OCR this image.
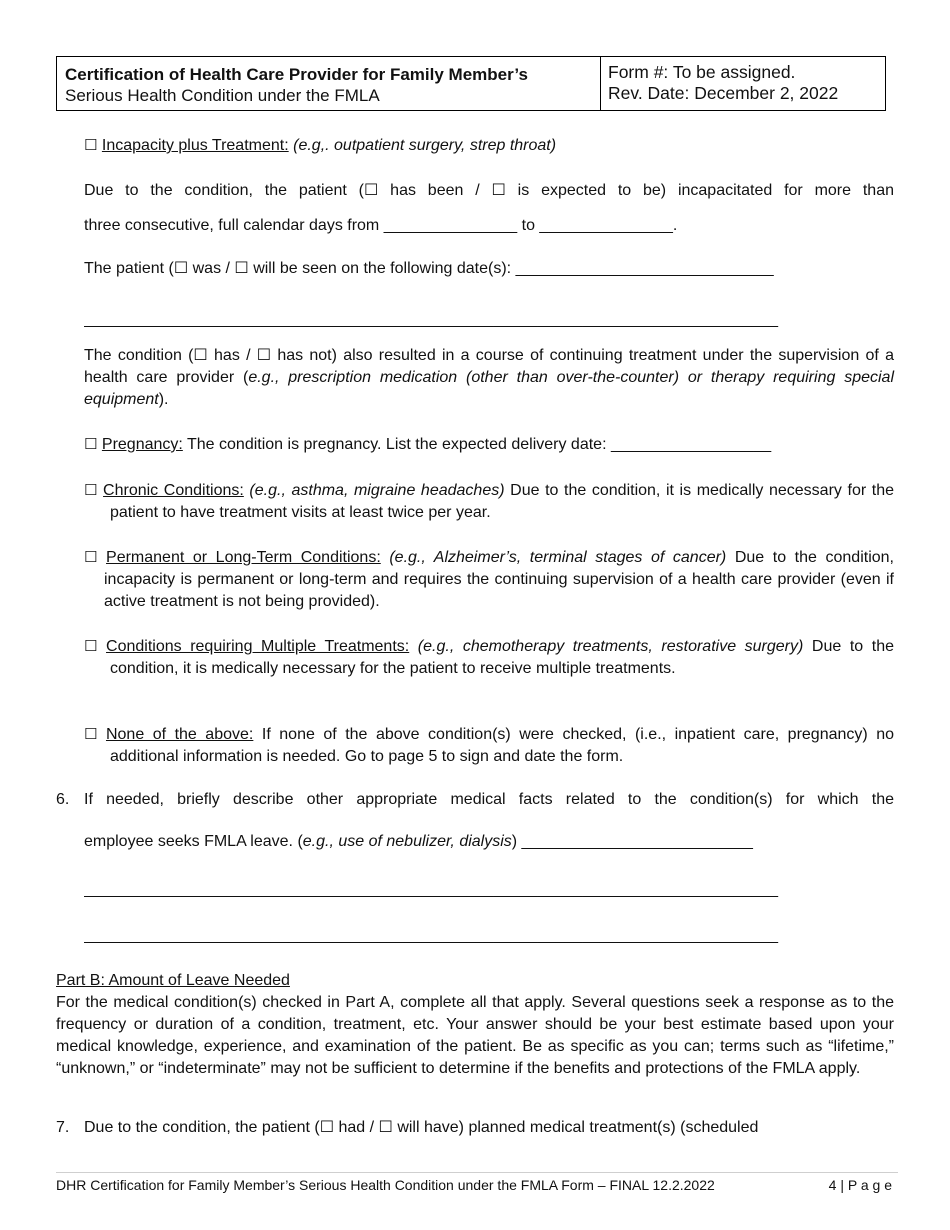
Certification of Health Care Provider for Family Member’s
Serious Health Condition under the FMLA
Form #: To be assigned.
Rev. Date: December 2, 2022
☐ Incapacity plus Treatment: (e.g,. outpatient surgery, strep throat)
Due to the condition, the patient (☐ has been / ☐ is expected to be) incapacitated for more than
three consecutive, full calendar days from _______________ to _______________.
The patient (☐ was / ☐ will be seen on the following date(s): _____________________________
______________________________________________________________________________
The condition (☐ has / ☐ has not) also resulted in a course of continuing treatment under the supervision of a health care provider (e.g., prescription medication (other than over-the-counter) or therapy requiring special equipment).
☐ Pregnancy: The condition is pregnancy. List the expected delivery date: __________________
☐ Chronic Conditions: (e.g., asthma, migraine headaches) Due to the condition, it is medically necessary for the patient to have treatment visits at least twice per year.
☐ Permanent or Long-Term Conditions: (e.g., Alzheimer’s, terminal stages of cancer) Due to the condition, incapacity is permanent or long-term and requires the continuing supervision of a health care provider (even if active treatment is not being provided).
☐ Conditions requiring Multiple Treatments: (e.g., chemotherapy treatments, restorative surgery) Due to the condition, it is medically necessary for the patient to receive multiple treatments.
☐ None of the above: If none of the above condition(s) were checked, (i.e., inpatient care, pregnancy) no additional information is needed. Go to page 5 to sign and date the form.
6. If needed, briefly describe other appropriate medical facts related to the condition(s) for which the
employee seeks FMLA leave. (e.g., use of nebulizer, dialysis) __________________________
______________________________________________________________________________
______________________________________________________________________________
Part B: Amount of Leave Needed
For the medical condition(s) checked in Part A, complete all that apply. Several questions seek a response as to the frequency or duration of a condition, treatment, etc. Your answer should be your best estimate based upon your medical knowledge, experience, and examination of the patient. Be as specific as you can; terms such as “lifetime,” “unknown,” or “indeterminate” may not be sufficient to determine if the benefits and protections of the FMLA apply.
7. Due to the condition, the patient (☐ had / ☐ will have) planned medical treatment(s) (scheduled
DHR Certification for Family Member’s Serious Health Condition under the FMLA Form – FINAL 12.2.2022	4 | P a g e
